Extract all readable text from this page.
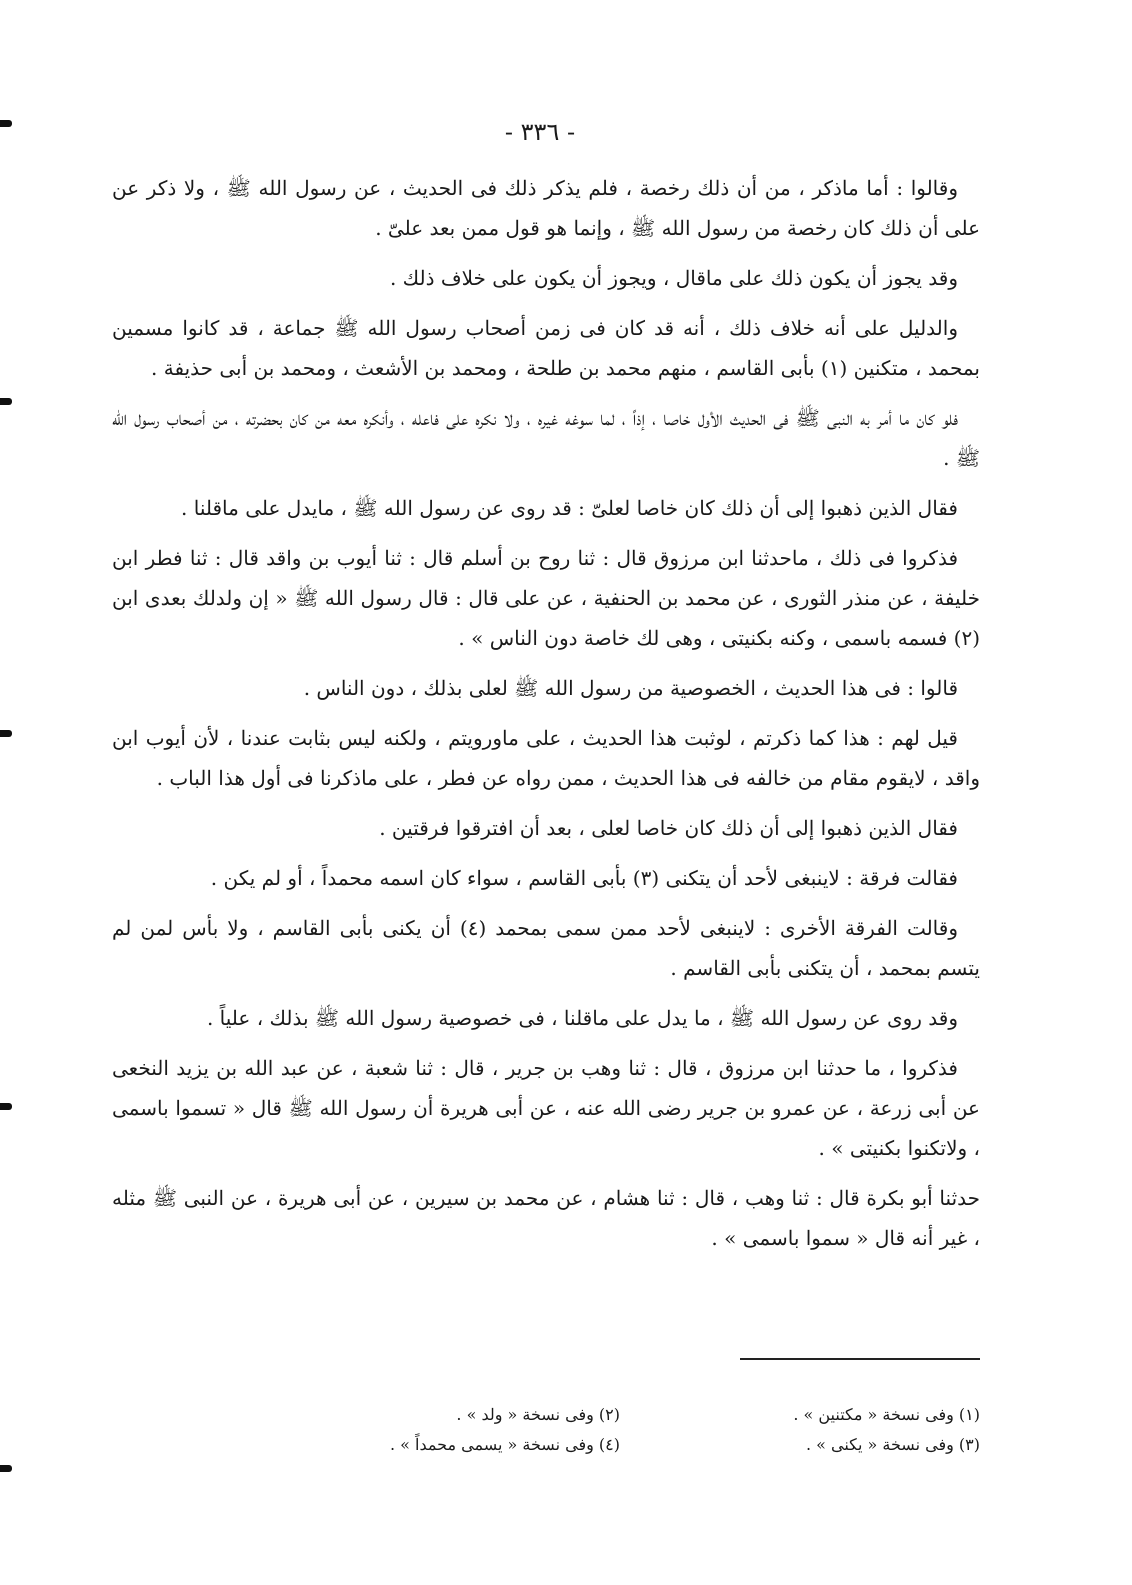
- ٣٣٦ -

وقالوا : أما ماذكر ، من أن ذلك رخصة ، فلم يذكر ذلك فى الحديث ، عن رسول الله ﷺ ، ولا ذكر عن على أن ذلك كان رخصة من رسول الله ﷺ ، وإنما هو قول ممن بعد علىّ .

وقد يجوز أن يكون ذلك على ماقال ، ويجوز أن يكون على خلاف ذلك .

والدليل على أنه خلاف ذلك ، أنه قد كان فى زمن أصحاب رسول الله ﷺ جماعة ، قد كانوا مسمين بمحمد ، متكنين (١) بأبى القاسم ، منهم محمد بن طلحة ، ومحمد بن الأشعث ، ومحمد بن أبى حذيفة .

فلو كان ما أمر به النبى ﷺ فى الحديث الأول خاصا ، إذاً ، لما سوغه غيره ، ولا نكره على فاعله ، وأنكره معه من كان بحضرته ، من أصحاب رسول الله ﷺ .

فقال الذين ذهبوا إلى أن ذلك كان خاصا لعلىّ : قد روى عن رسول الله ﷺ ، مايدل على ماقلنا .

فذكروا فى ذلك ، ماحدثنا ابن مرزوق قال : ثنا روح بن أسلم قال : ثنا أيوب بن واقد قال : ثنا فطر ابن خليفة ، عن منذر الثورى ، عن محمد بن الحنفية ، عن على قال : قال رسول الله ﷺ « إن ولدلك بعدى ابن (٢) فسمه باسمى ، وكنه بكنيتى ، وهى لك خاصة دون الناس » .

قالوا : فى هذا الحديث ، الخصوصية من رسول الله ﷺ لعلى بذلك ، دون الناس .

قيل لهم : هذا كما ذكرتم ، لوثبت هذا الحديث ، على ماورويتم ، ولكنه ليس بثابت عندنا ، لأن أيوب ابن واقد ، لايقوم مقام من خالفه فى هذا الحديث ، ممن رواه عن فطر ، على ماذكرنا فى أول هذا الباب .

فقال الذين ذهبوا إلى أن ذلك كان خاصا لعلى ، بعد أن افترقوا فرقتين .

فقالت فرقة : لاينبغى لأحد أن يتكنى (٣) بأبى القاسم ، سواء كان اسمه محمداً ، أو لم يكن .

وقالت الفرقة الأخرى : لاينبغى لأحد ممن سمى بمحمد (٤) أن يكنى بأبى القاسم ، ولا بأس لمن لم يتسم بمحمد ، أن يتكنى بأبى القاسم .

وقد روى عن رسول الله ﷺ ، ما يدل على ماقلنا ، فى خصوصية رسول الله ﷺ بذلك ، علياً .

فذكروا ، ما حدثنا ابن مرزوق ، قال : ثنا وهب بن جرير ، قال : ثنا شعبة ، عن عبد الله بن يزيد النخعى عن أبى زرعة ، عن عمرو بن جرير رضى الله عنه ، عن أبى هريرة أن رسول الله ﷺ قال « تسموا باسمى ، ولاتكنوا بكنيتى » .

حدثنا أبو بكرة قال : ثنا وهب ، قال : ثنا هشام ، عن محمد بن سيرين ، عن أبى هريرة ، عن النبى ﷺ مثله ، غير أنه قال « سموا باسمى » .

(١) وفى نسخة « مكتنين » .
(٢) وفى نسخة « ولد » .
(٣) وفى نسخة « يكنى » .
(٤) وفى نسخة « يسمى محمداً » .
